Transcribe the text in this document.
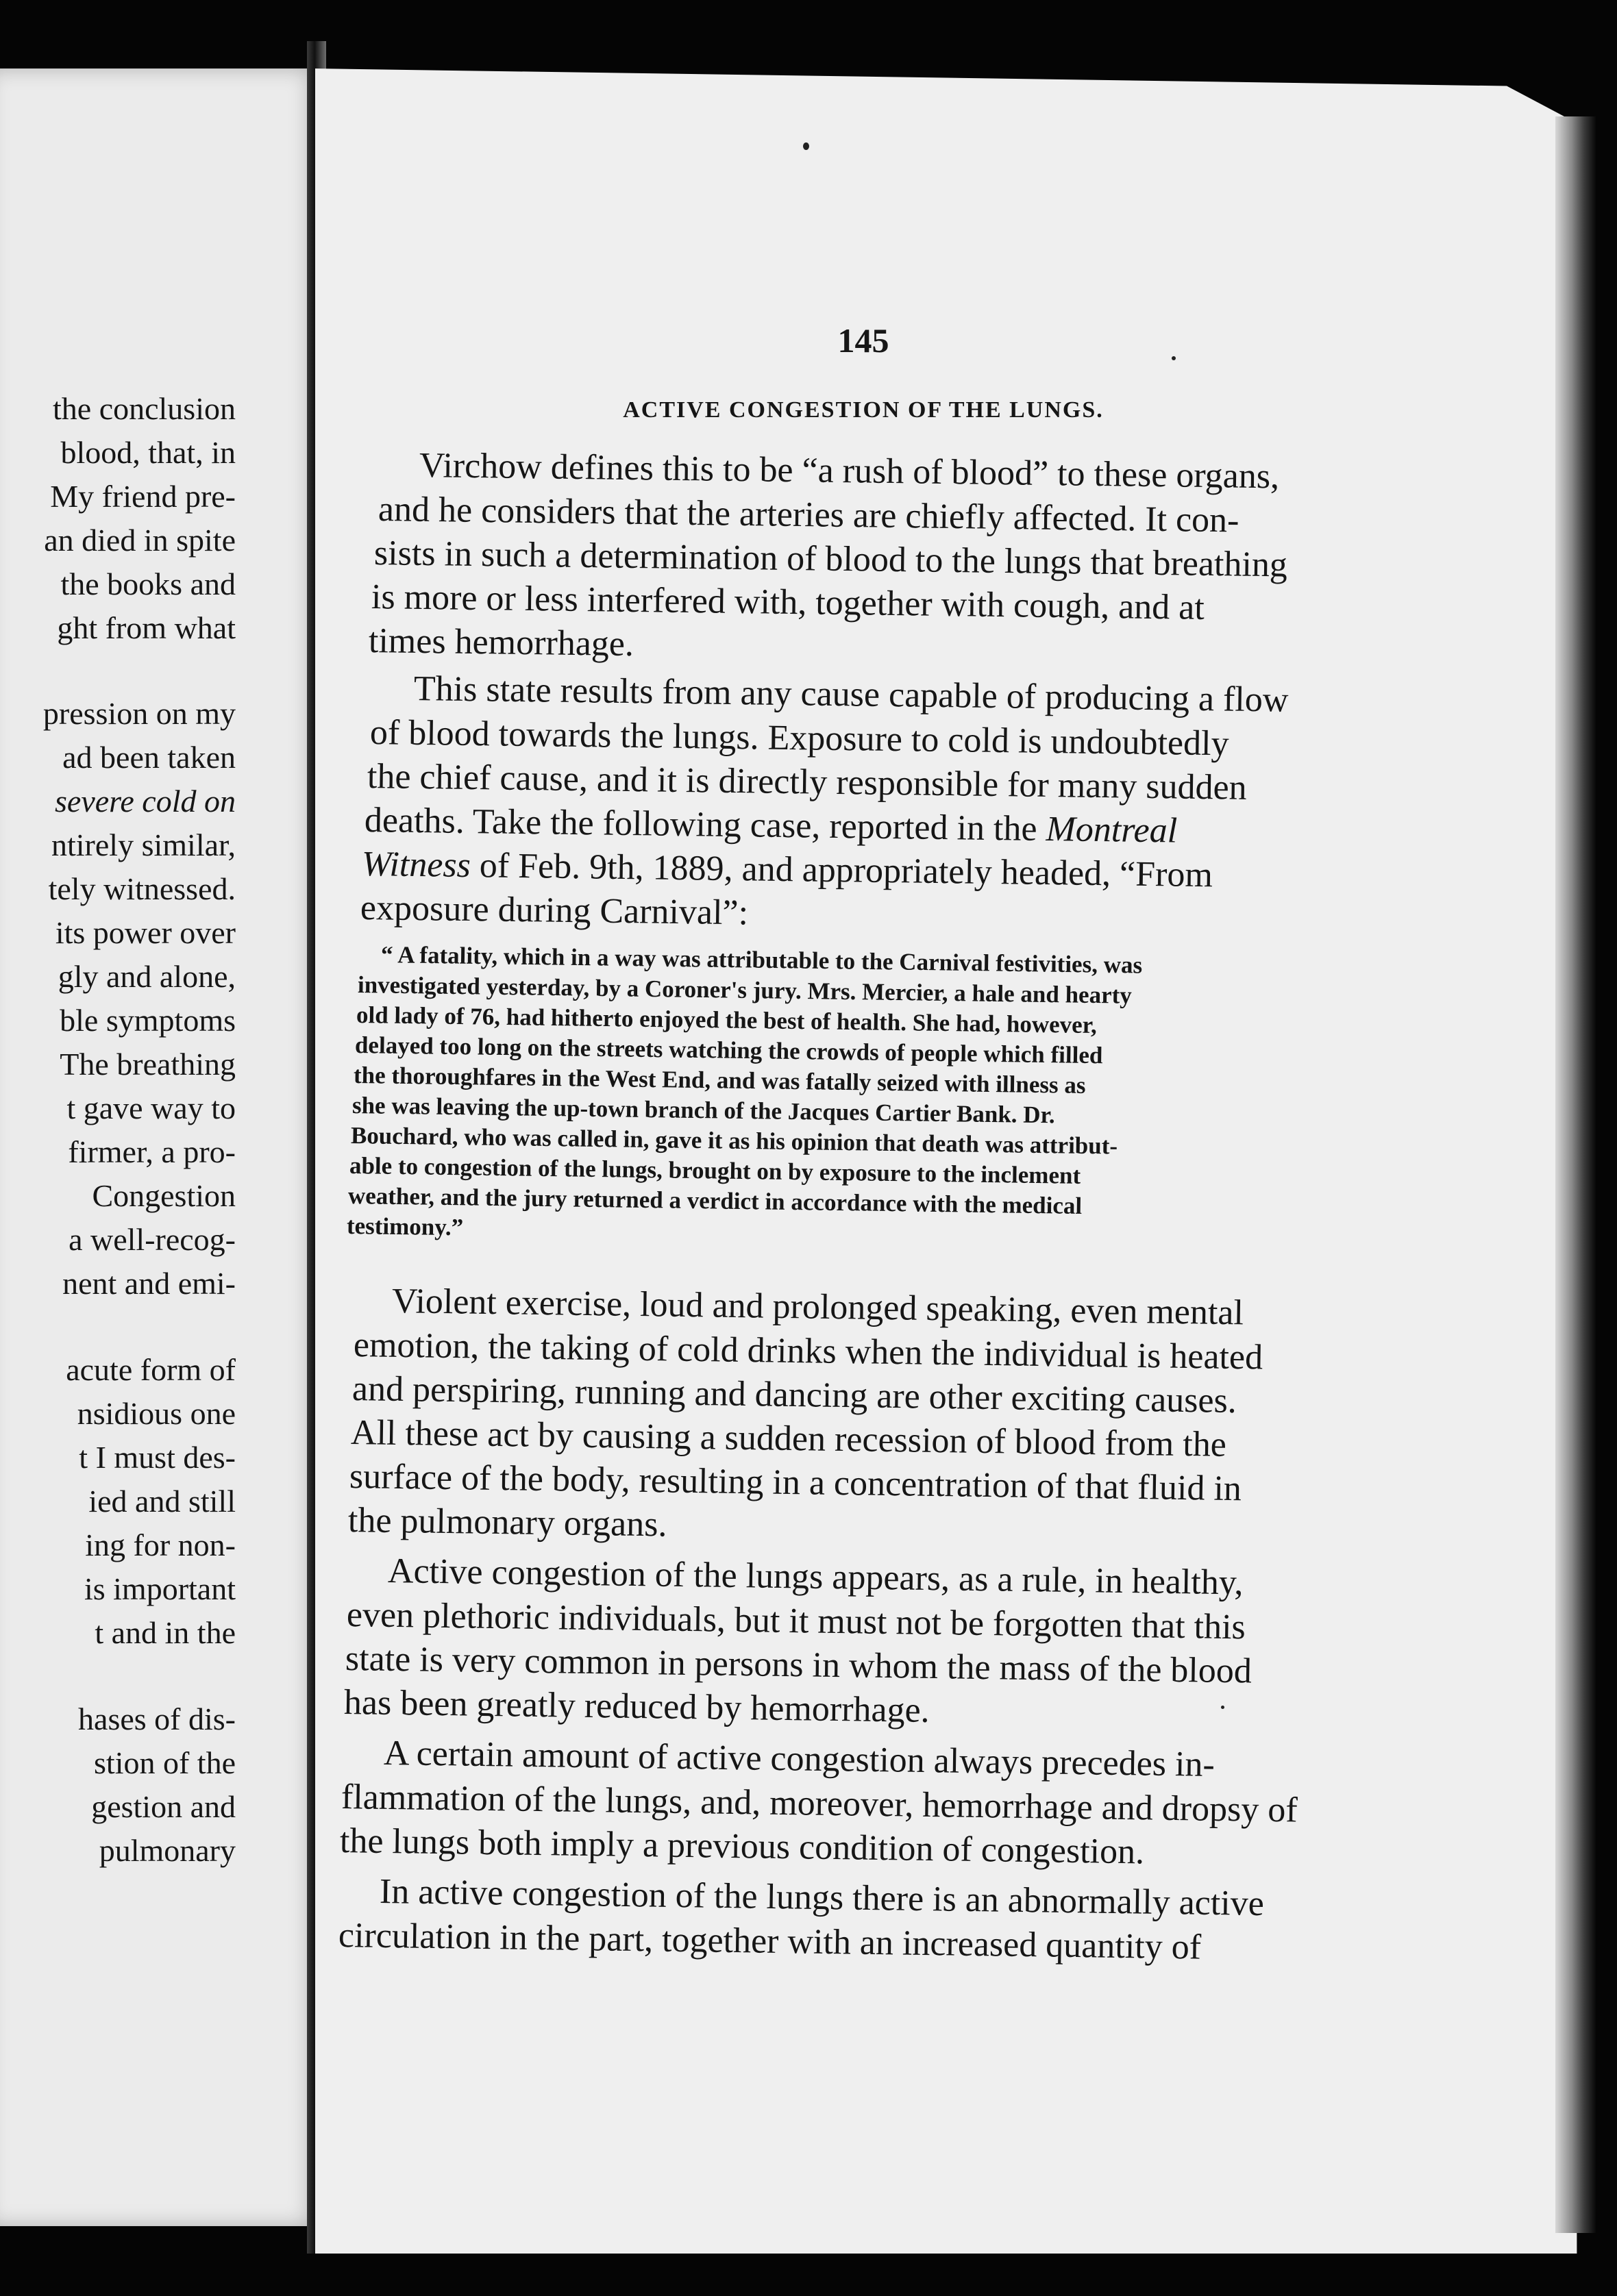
the conclusion
blood, that, in
My friend pre-
an died in spite
the books and
ght from what
pression on my
ad been taken
severe cold on
ntirely similar,
tely witnessed.
its power over
gly and alone,
ble symptoms
The breathing
t gave way to
firmer, a pro-
Congestion
a well-recog-
nent and emi-
acute form of
nsidious one
t I must des-
ied and still
ing for non-
is important
t and in the
hases of dis-
stion of the
gestion and
pulmonary
145
ACTIVE CONGESTION OF THE LUNGS.
Virchow defines this to be “a rush of blood” to these organs,
and he considers that the arteries are chiefly affected. It con-
sists in such a determination of blood to the lungs that breathing
is more or less interfered with, together with cough, and at
times hemorrhage.
This state results from any cause capable of producing a flow
of blood towards the lungs. Exposure to cold is undoubtedly
the chief cause, and it is directly responsible for many sudden
deaths. Take the following case, reported in the Montreal
Witness of Feb. 9th, 1889, and appropriately headed, “From
exposure during Carnival”:
“ A fatality, which in a way was attributable to the Carnival festivities, was
investigated yesterday, by a Coroner's jury. Mrs. Mercier, a hale and hearty
old lady of 76, had hitherto enjoyed the best of health. She had, however,
delayed too long on the streets watching the crowds of people which filled
the thoroughfares in the West End, and was fatally seized with illness as
she was leaving the up-town branch of the Jacques Cartier Bank. Dr.
Bouchard, who was called in, gave it as his opinion that death was attribut-
able to congestion of the lungs, brought on by exposure to the inclement
weather, and the jury returned a verdict in accordance with the medical
testimony.”
Violent exercise, loud and prolonged speaking, even mental
emotion, the taking of cold drinks when the individual is heated
and perspiring, running and dancing are other exciting causes.
All these act by causing a sudden recession of blood from the
surface of the body, resulting in a concentration of that fluid in
the pulmonary organs.
Active congestion of the lungs appears, as a rule, in healthy,
even plethoric individuals, but it must not be forgotten that this
state is very common in persons in whom the mass of the blood
has been greatly reduced by hemorrhage.
A certain amount of active congestion always precedes in-
flammation of the lungs, and, moreover, hemorrhage and dropsy of
the lungs both imply a previous condition of congestion.
In active congestion of the lungs there is an abnormally active
circulation in the part, together with an increased quantity of
